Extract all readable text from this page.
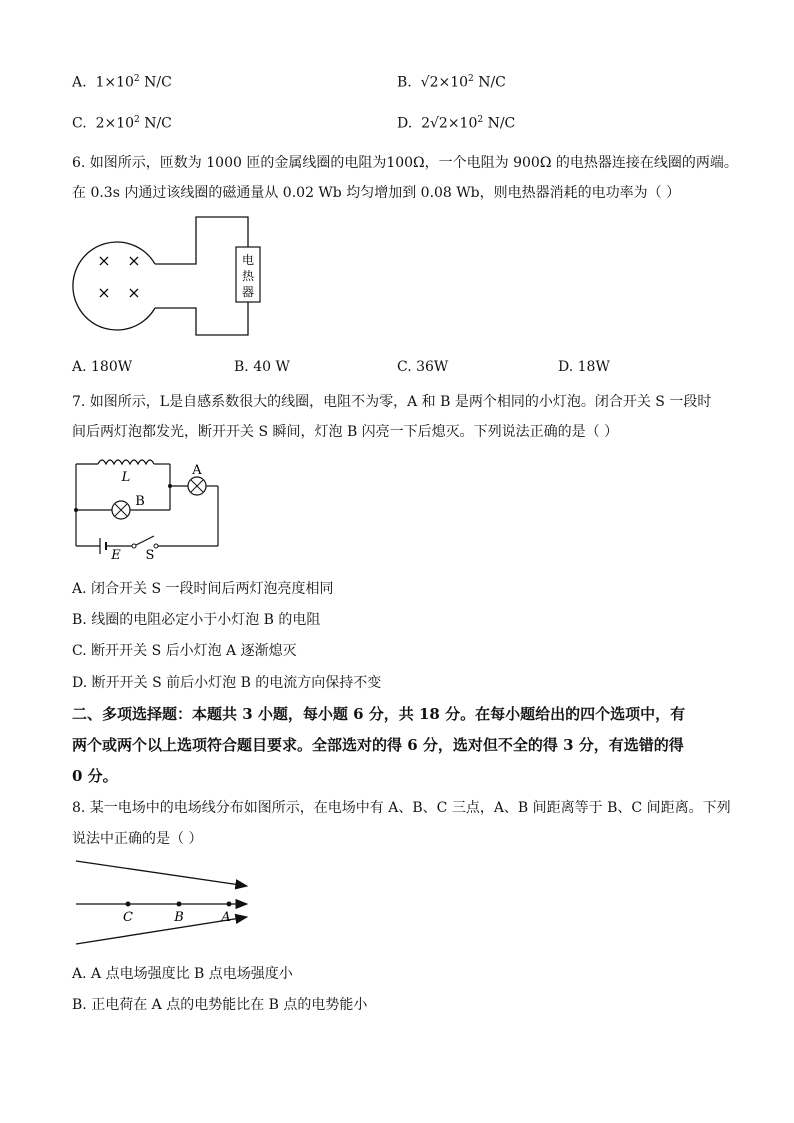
A. $1\times 10^2$ N/C	B. $√2\times 10^2$ N/C
C. $2\times 10^2$ N/C	D. $2√2\times 10^2$ N/C
6. 如图所示，匝数为 1000 匝的金属线圈的电阻为100Ω，一个电阻为 900Ω 的电热器连接在线圈的两端。
在 0.3s 内通过该线圈的磁通量从 0.02 Wb 均匀增加到 0.08 Wb，则电热器消耗的电功率为（ ）
电
热
器
× ×
× ×
A. 180W	B. 40 W	C. 36W	D. 18W
7. 如图所示，L是自感系数很大的线圈，电阻不为零，A 和 B 是两个相同的小灯泡。闭合开关 S 一段时
间后两灯泡都发光，断开开关 S 瞬间，灯泡 B 闪亮一下后熄灭。下列说法正确的是（ ）
L	A
B
E S
A. 闭合开关 S 一段时间后两灯泡亮度相同
B. 线圈的电阻必定小于小灯泡 B 的电阻
C. 断开开关 S 后小灯泡 A 逐渐熄灭
D. 断开开关 S 前后小灯泡 B 的电流方向保持不变
二、多项选择题：本题共 3 小题，每小题 6 分，共 18 分。在每小题给出的四个选项中，有
两个或两个以上选项符合题目要求。全部选对的得 6 分，选对但不全的得 3 分，有选错的得
0 分。
8. 某一电场中的电场线分布如图所示，在电场中有 A、B、C 三点，A、B 间距离等于 B、C 间距离。下列
说法中正确的是（ ）
C	B	A
A. A 点电场强度比 B 点电场强度小
B. 正电荷在 A 点的电势能比在 B 点的电势能小
